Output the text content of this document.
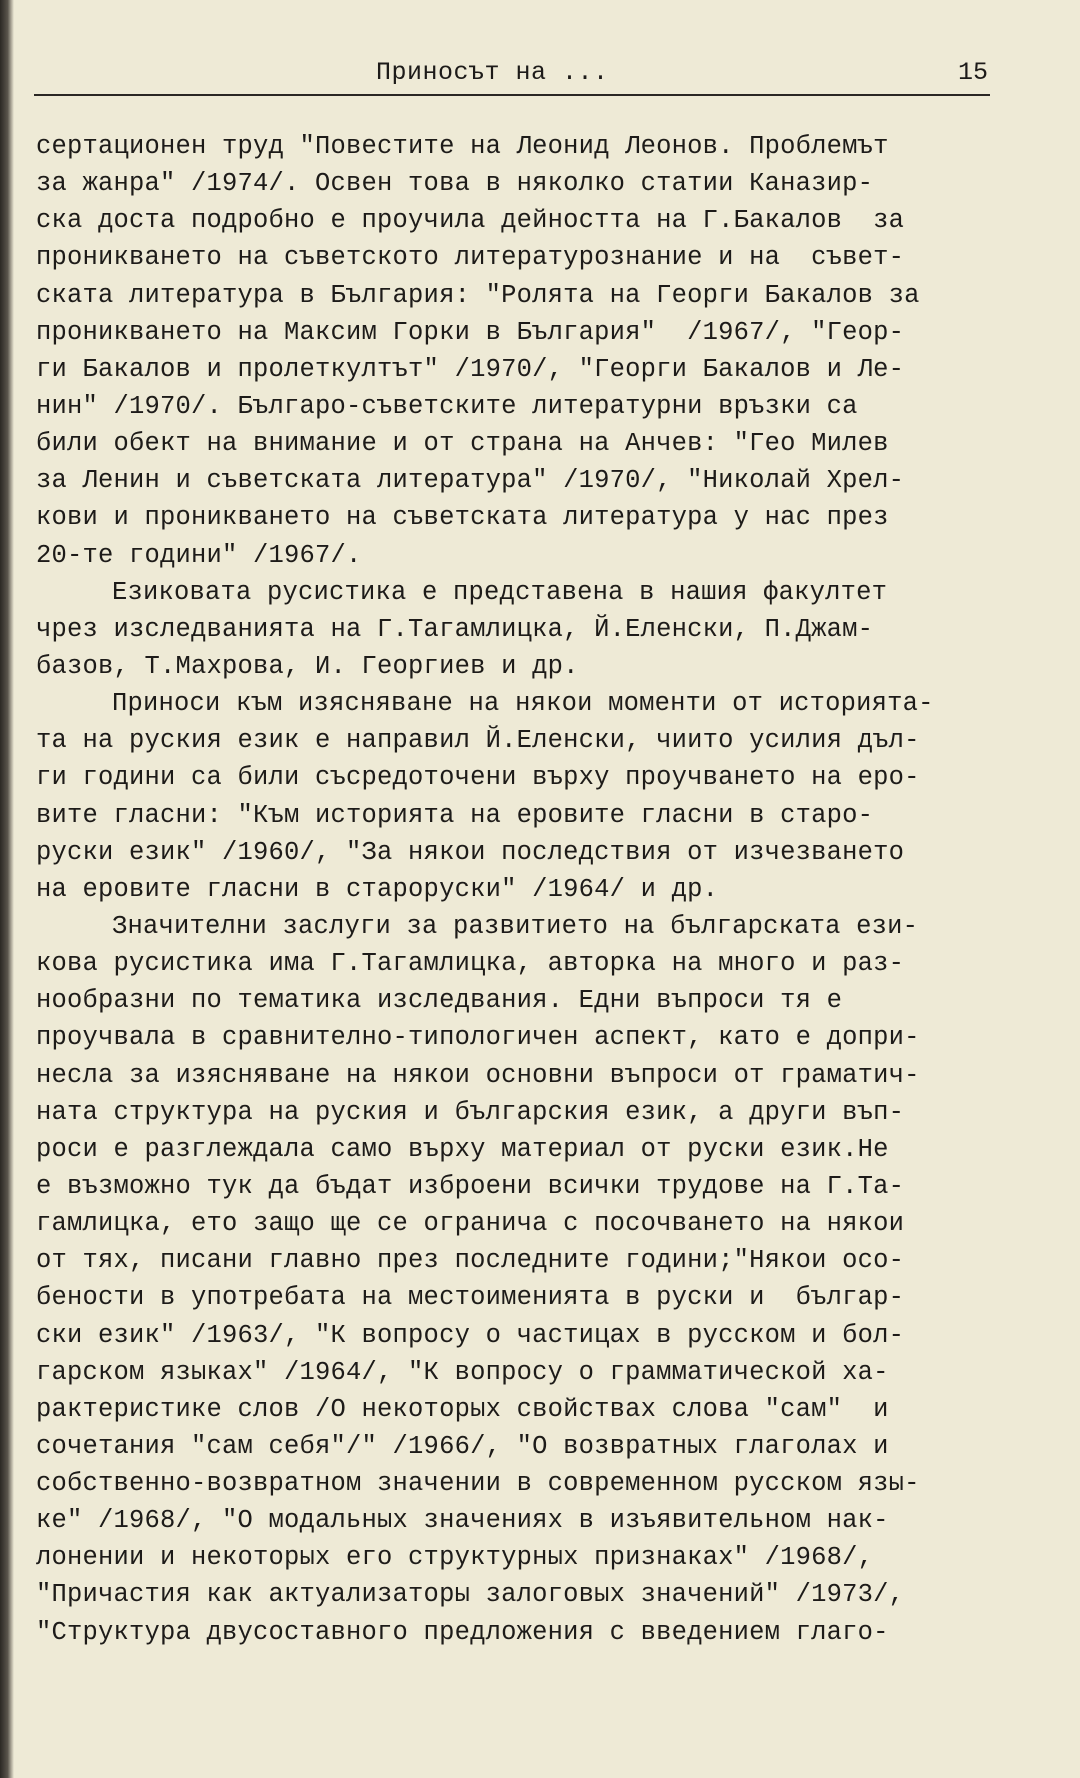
Приносът на ...	15
сертационен труд "Повестите на Леонид Леонов. Проблемът
за жанра" /1974/. Освен това в няколко статии Каназир-
ска доста подробно е проучила дейността на Г.Бакалов  за
проникването на съветското литературознание и на  съвет-
ската литература в България: "Ролята на Георги Бакалов за
проникването на Максим Горки в България"  /1967/, "Геор-
ги Бакалов и пролеткултът" /1970/, "Георги Бакалов и Ле-
нин" /1970/. Българо-съветските литературни връзки са
били обект на внимание и от страна на Анчев: "Гео Милев
за Ленин и съветската литература" /1970/, "Николай Хрел-
кови и проникването на съветската литература у нас през
20-те години" /1967/.
Езиковата русистика е представена в нашия факултет
чрез изследванията на Г.Тагамлицка, Й.Еленски, П.Джам-
базов, Т.Махрова, И. Георгиев и др.
Приноси към изясняване на някои моменти от историята-
та на руския език е направил Й.Еленски, чиито усилия дъл-
ги години са били съсредоточени върху проучването на еро-
вите гласни: "Към историята на еровите гласни в старо-
руски език" /1960/, "За някои последствия от изчезването
на еровите гласни в староруски" /1964/ и др.
Значителни заслуги за развитието на българската ези-
кова русистика има Г.Тагамлицка, авторка на много и раз-
нообразни по тематика изследвания. Едни въпроси тя е
проучвала в сравнително-типологичен аспект, като е допри-
несла за изясняване на някои основни въпроси от граматич-
ната структура на руския и българския език, а други въп-
роси е разглеждала само върху материал от руски език.Не
е възможно тук да бъдат изброени всички трудове на Г.Та-
гамлицка, ето защо ще се огранича с посочването на някои
от тях, писани главно през последните години;"Някои осо-
бености в употребата на местоименията в руски и  българ-
ски език" /1963/, "К вопросу о частицах в русском и бол-
гарском языках" /1964/, "К вопросу о грамматической ха-
рактеристике слов /О некоторых свойствах слова "сам"  и
сочетания "сам себя"/" /1966/, "О возвратных глаголах и
собственно-возвратном значении в современном русском язы-
ке" /1968/, "О модальных значениях в изъявительном нак-
лонении и некоторых его структурных признаках" /1968/,
"Причастия как актуализаторы залоговых значений" /1973/,
"Структура двусоставного предложения с введением глаго-
